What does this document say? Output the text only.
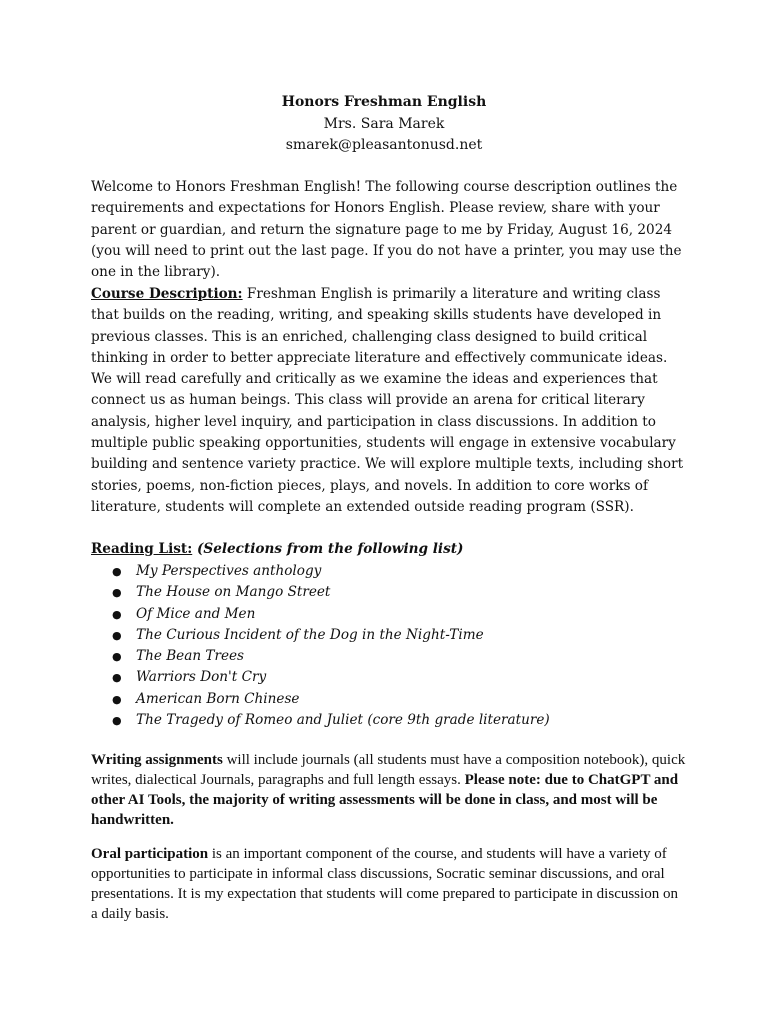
Honors Freshman English
Mrs. Sara Marek
smarek@pleasantonusd.net

Welcome to Honors Freshman English! The following course description outlines the requirements and expectations for Honors English. Please review, share with your parent or guardian, and return the signature page to me by Friday, August 16, 2024 (you will need to print out the last page. If you do not have a printer, you may use the one in the library).

Course Description: Freshman English is primarily a literature and writing class that builds on the reading, writing, and speaking skills students have developed in previous classes. This is an enriched, challenging class designed to build critical thinking in order to better appreciate literature and effectively communicate ideas. We will read carefully and critically as we examine the ideas and experiences that connect us as human beings. This class will provide an arena for critical literary analysis, higher level inquiry, and participation in class discussions. In addition to multiple public speaking opportunities, students will engage in extensive vocabulary building and sentence variety practice. We will explore multiple texts, including short stories, poems, non-fiction pieces, plays, and novels. In addition to core works of literature, students will complete an extended outside reading program (SSR).

Reading List: (Selections from the following list)
● My Perspectives anthology
● The House on Mango Street
● Of Mice and Men
● The Curious Incident of the Dog in the Night-Time
● The Bean Trees
● Warriors Don't Cry
● American Born Chinese
● The Tragedy of Romeo and Juliet (core 9th grade literature)

Writing assignments will include journals (all students must have a composition notebook), quick writes, dialectical Journals, paragraphs and full length essays. Please note: due to ChatGPT and other AI Tools, the majority of writing assessments will be done in class, and most will be handwritten.

Oral participation is an important component of the course, and students will have a variety of opportunities to participate in informal class discussions, Socratic seminar discussions, and oral presentations. It is my expectation that students will come prepared to participate in discussion on a daily basis.
